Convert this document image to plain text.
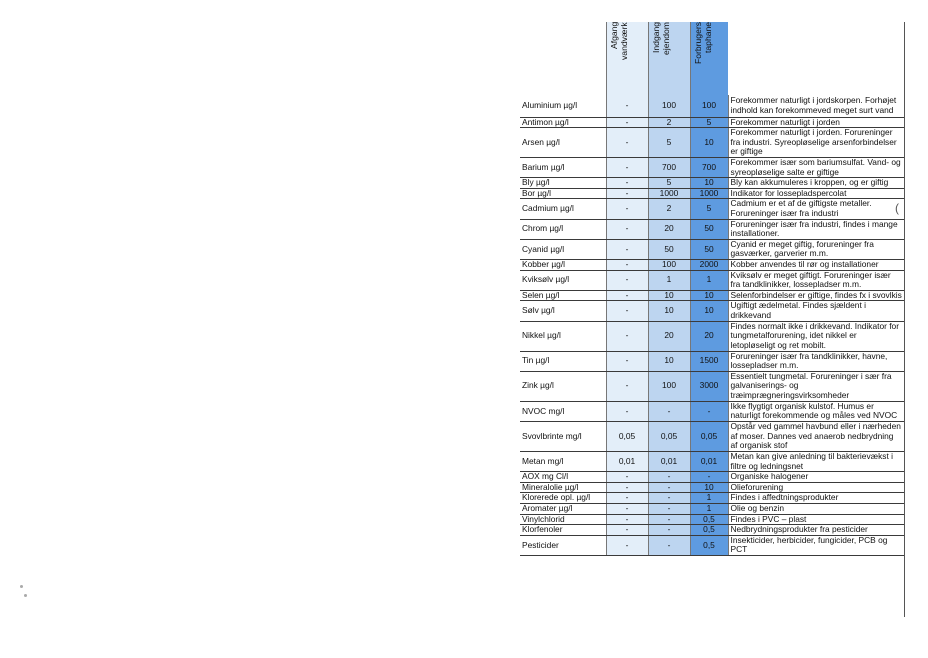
	Afgang
vandværk	Indgang
ejendom	Forbrugers
taphane	

Aluminium µg/l	-	100	100	Forekommer naturligt i jordskorpen. Forhøjet indhold kan forekommeved meget surt vand
Antimon µg/l	-	2	5	Forekommer naturligt i jorden
Arsen µg/l	-	5	10	Forekommer naturligt i jorden. Forureninger fra industri. Syreopløselige arsenforbindelser er giftige
Barium µg/l	-	700	700	Forekommer især som bariumsulfat. Vand- og syreopløselige salte er giftige
Bly µg/l	-	5	10	Bly kan akkumuleres i kroppen, og er giftig
Bor µg/l	-	1000	1000	Indikator for lossepladspercolat
Cadmium µg/l	-	2	5	Cadmium er et af de giftigste metaller. Forureninger især fra industri
Chrom µg/l	-	20	50	Forureninger især fra industri, findes i mange installationer.
Cyanid µg/l	-	50	50	Cyanid er meget giftig, forureninger fra gasværker, garverier m.m.
Kobber µg/l	-	100	2000	Kobber anvendes til rør og installationer
Kviksølv µg/l	-	1	1	Kviksølv er meget giftigt. Forureninger især fra tandklinikker, lossepladser m.m.
Selen µg/l	-	10	10	Selenforbindelser er giftige, findes fx i svovlkis
Sølv µg/l	-	10	10	Ugiftigt ædelmetal. Findes sjældent i drikkevand
Nikkel µg/l	-	20	20	Findes normalt ikke i drikkevand. Indikator for tungmetalforurening, idet nikkel er letopløseligt og ret mobilt.
Tin µg/l	-	10	1500	Forureninger især fra tandklinikker, havne, lossepladser m.m.
Zink µg/l	-	100	3000	Essentielt tungmetal. Forureninger i sær fra galvaniserings- og træimprægneringsvirksomheder
NVOC mg/l	-	-	-	Ikke flygtigt organisk kulstof. Humus er naturligt forekommende og måles ved NVOC
Svovlbrinte mg/l	0,05	0,05	0,05	Opstår ved gammel havbund eller i nærheden af moser. Dannes ved anaerob nedbrydning af organisk stof
Metan mg/l	0,01	0,01	0,01	Metan kan give anledning til bakterievækst i filtre og ledningsnet
AOX mg Cl/l	-	-	-	Organiske halogener
Mineralolie µg/l	-	-	10	Olieforurening
Klorerede opl. µg/l	-	-	1	Findes i affedtningsprodukter
Aromater µg/l	-	-	1	Olie og benzin
Vinylchlorid	-	-	0,5	Findes i PVC – plast
Klorfenoler	-	-	0,5	Nedbrydningsprodukter fra pesticider
Pesticider	-	-	0,5	Insekticider, herbicider, fungicider, PCB og PCT
(
